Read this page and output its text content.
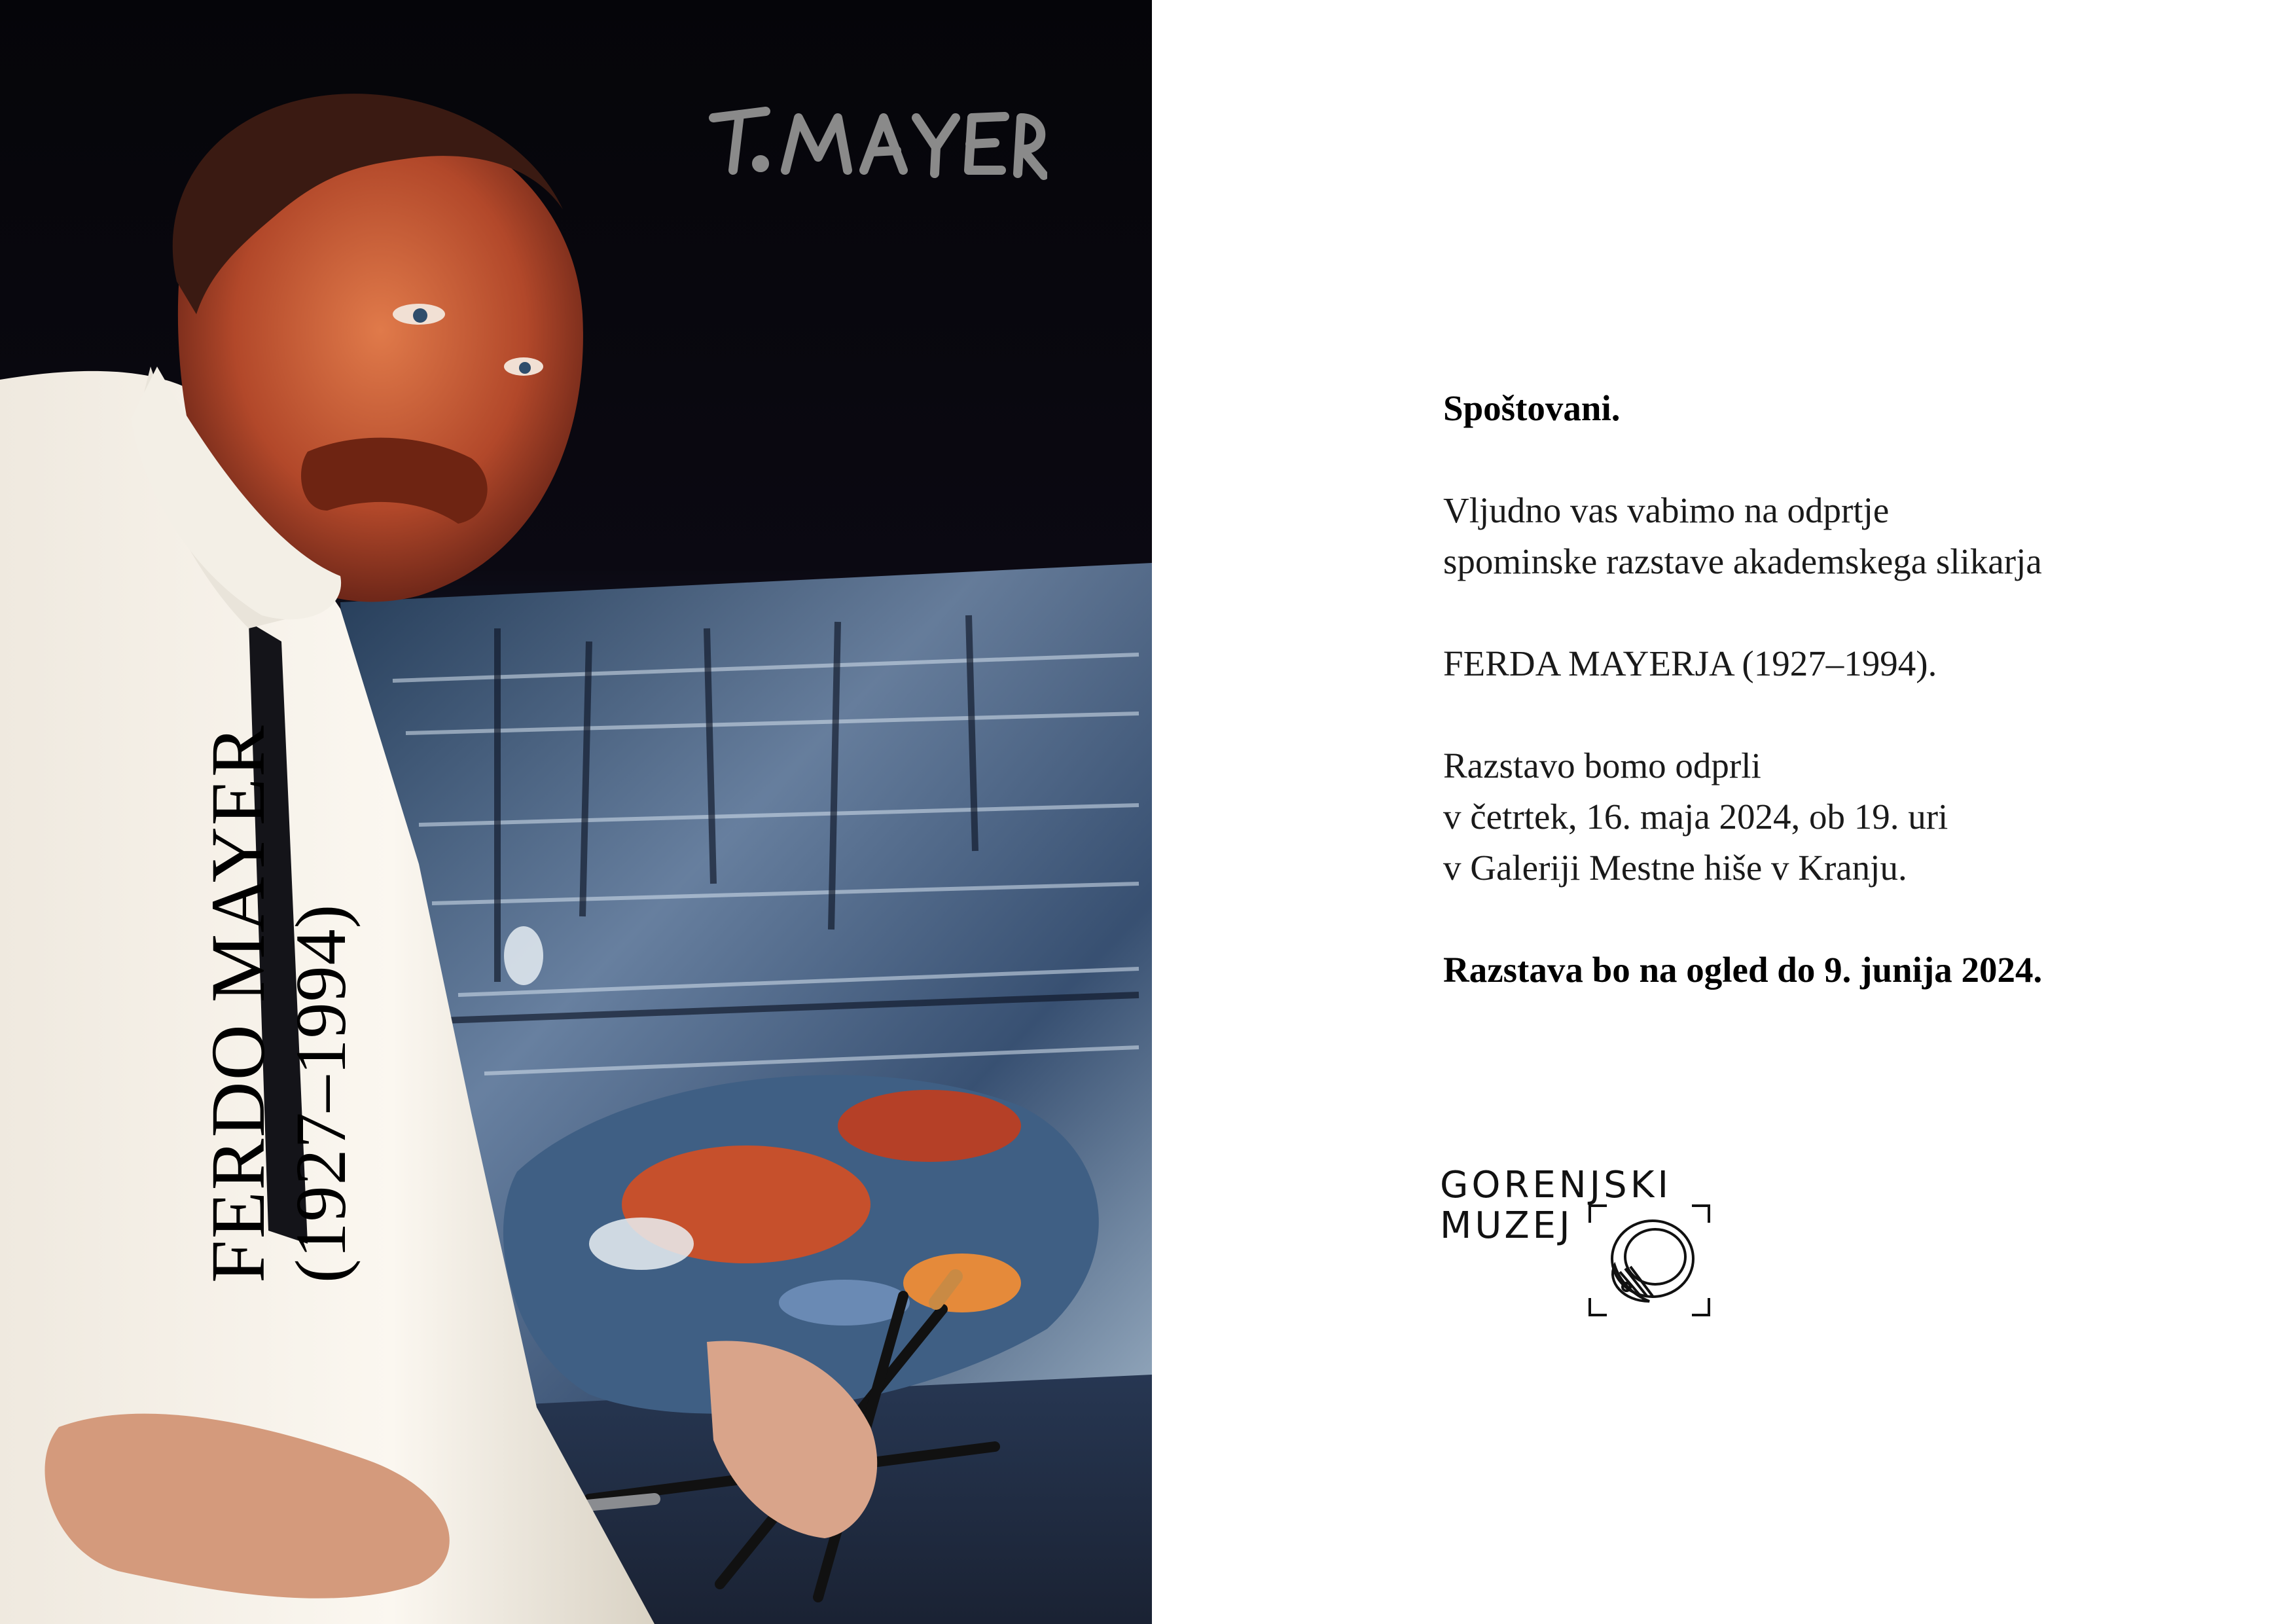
FERDO MAYER (1927–1994)

Spoštovani.

Vljudno vas vabimo na odprtje

spominske razstave akademskega slikarja

FERDA MAYERJA (1927–1994).

Razstavo bomo odprli

v četrtek, 16. maja 2024, ob 19. uri

v Galeriji Mestne hiše v Kranju.

Razstava bo na ogled do 9. junija 2024.

GORENJSKI
MUZEJ
